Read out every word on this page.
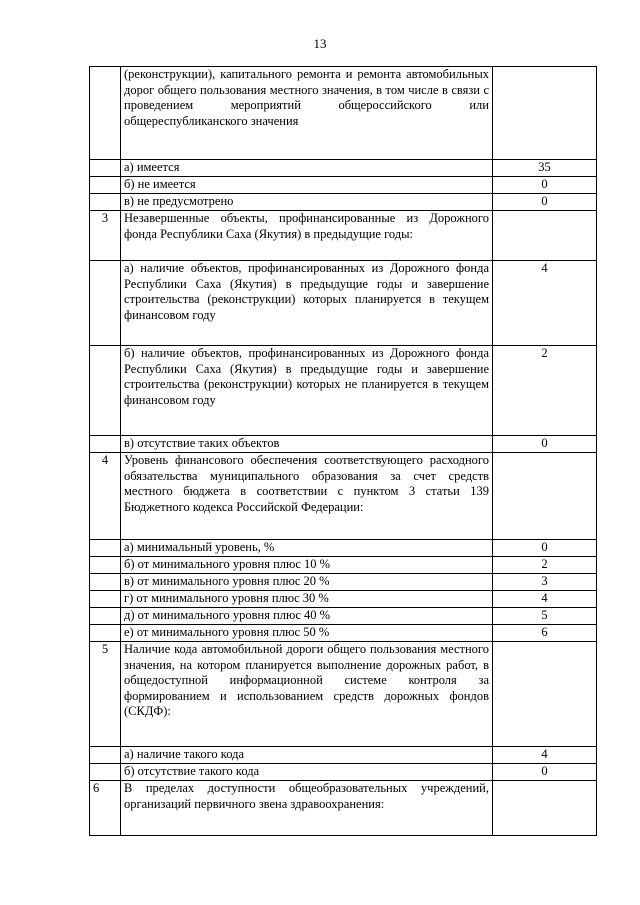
13
	(реконструкции), капитального ремонта и ремонта автомобильных дорог общего пользования местного значения, в том числе в связи с проведением мероприятий общероссийского или общереспубликанского значения	
	а) имеется	35
	б) не имеется	0
	в) не предусмотрено	0
3	Незавершенные объекты, профинансированные из Дорожного фонда Республики Саха (Якутия) в предыдущие годы:	
	а) наличие объектов, профинансированных из Дорожного фонда Республики Саха (Якутия) в предыдущие годы и завершение строительства (реконструкции) которых планируется в текущем финансовом году	4
	б) наличие объектов, профинансированных из Дорожного фонда Республики Саха (Якутия) в предыдущие годы и завершение строительства (реконструкции) которых не планируется в текущем финансовом году	2
	в) отсутствие таких объектов	0
4	Уровень финансового обеспечения соответствующего расходного обязательства муниципального образования за счет средств местного бюджета в соответствии с пунктом 3 статьи 139 Бюджетного кодекса Российской Федерации:	
	а) минимальный уровень, %	0
	б) от минимального уровня плюс 10 %	2
	в) от минимального уровня плюс 20 %	3
	г) от минимального уровня плюс 30 %	4
	д) от минимального уровня плюс 40 %	5
	е) от минимального уровня плюс 50 %	6
5	Наличие кода автомобильной дороги общего пользования местного значения, на котором планируется выполнение дорожных работ, в общедоступной информационной системе контроля за формированием и использованием средств дорожных фондов (СКДФ):	
	а) наличие такого кода	4
	б) отсутствие такого кода	0
6	В пределах доступности общеобразовательных учреждений, организаций первичного звена здравоохранения:	
